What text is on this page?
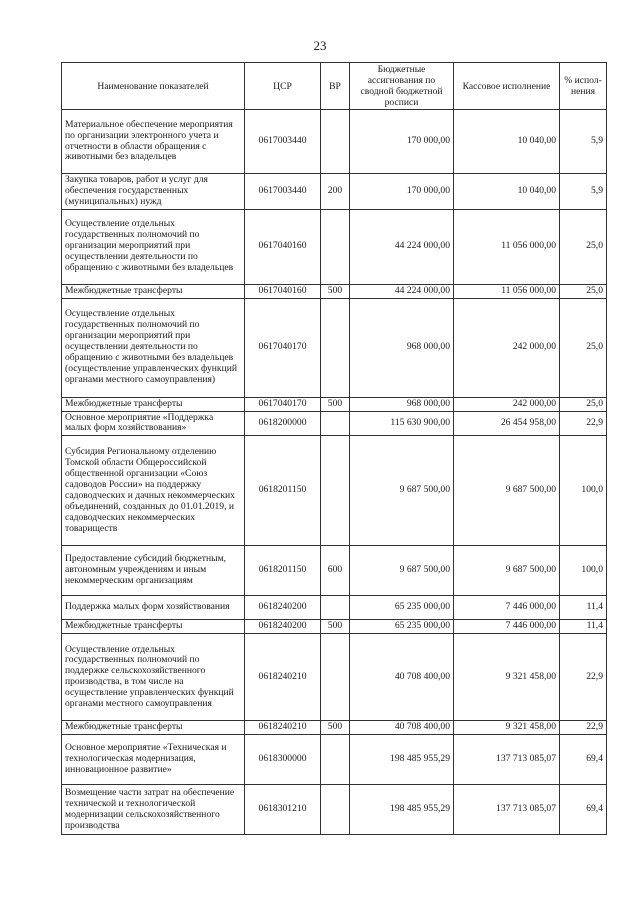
23
Наименование показателей	ЦСР	ВР	Бюджетные ассигнования по сводной бюджетной росписи	Кассовое исполнение	% испол-нения
Материальное обеспечение мероприятия по организации электронного учета и отчетности в области обращения с животными без владельцев	0617003440		170 000,00	10 040,00	5,9
Закупка товаров, работ и услуг для обеспечения государственных (муниципальных) нужд	0617003440	200	170 000,00	10 040,00	5,9
Осуществление отдельных государственных полномочий по организации мероприятий при осуществлении деятельности по обращению с животными без владельцев	0617040160		44 224 000,00	11 056 000,00	25,0
Межбюджетные трансферты	0617040160	500	44 224 000,00	11 056 000,00	25,0
Осуществление отдельных государственных полномочий по организации мероприятий при осуществлении деятельности по обращению с животными без владельцев (осуществление управленческих функций органами местного самоуправления)	0617040170		968 000,00	242 000,00	25,0
Межбюджетные трансферты	0617040170	500	968 000,00	242 000,00	25,0
Основное мероприятие «Поддержка малых форм хозяйствования»	0618200000		115 630 900,00	26 454 958,00	22,9
Субсидия Региональному отделению Томской области Общероссийской общественной организации «Союз садоводов России» на поддержку садоводческих и дачных некоммерческих объединений, созданных до 01.01.2019, и садоводческих некоммерческих товариществ	0618201150		9 687 500,00	9 687 500,00	100,0
Предоставление субсидий бюджетным, автономным учреждениям и иным некоммерческим организациям	0618201150	600	9 687 500,00	9 687 500,00	100,0
Поддержка малых форм хозяйствования	0618240200		65 235 000,00	7 446 000,00	11,4
Межбюджетные трансферты	0618240200	500	65 235 000,00	7 446 000,00	11,4
Осуществление отдельных государственных полномочий по поддержке сельскохозяйственного производства, в том числе на осуществление управленческих функций органами местного самоуправления	0618240210		40 708 400,00	9 321 458,00	22,9
Межбюджетные трансферты	0618240210	500	40 708 400,00	9 321 458,00	22,9
Основное мероприятие «Техническая и технологическая модернизация, инновационное развитие»	0618300000		198 485 955,29	137 713 085,07	69,4
Возмещение части затрат на обеспечение технической и технологической модернизации сельскохозяйственного производства	0618301210		198 485 955,29	137 713 085,07	69,4
